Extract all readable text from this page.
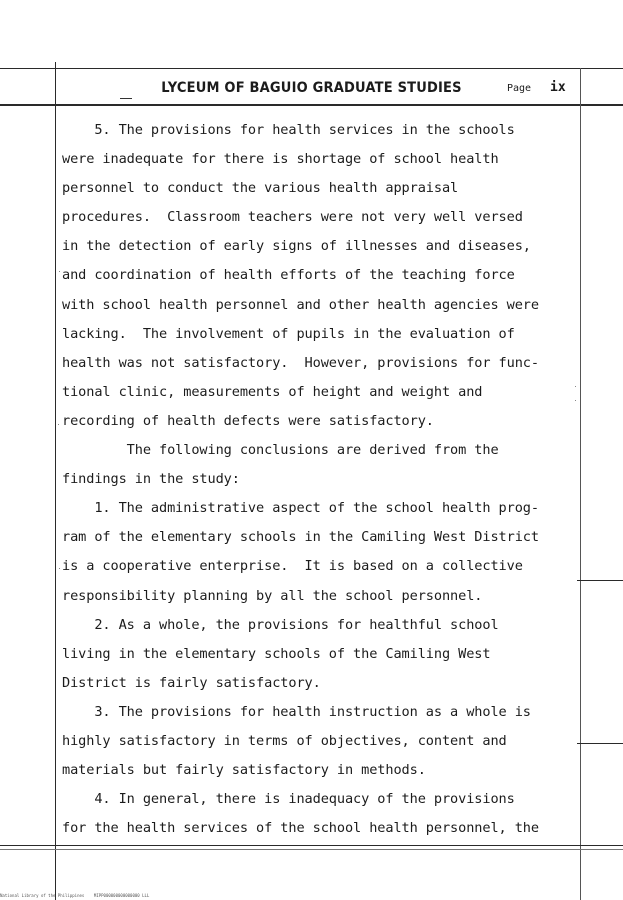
LYCEUM OF BAGUIO GRADUATE STUDIES	Page ix
5. The provisions for health services in the schools
were inadequate for there is shortage of school health
personnel to conduct the various health appraisal
procedures.  Classroom teachers were not very well versed
in the detection of early signs of illnesses and diseases,
and coordination of health efforts of the teaching force
with school health personnel and other health agencies were
lacking.  The involvement of pupils in the evaluation of
health was not satisfactory.  However, provisions for func-
tional clinic, measurements of height and weight and
recording of health defects were satisfactory.
The following conclusions are derived from the
findings in the study:
1. The administrative aspect of the school health prog-
ram of the elementary schools in the Camiling West District
is a cooperative enterprise.  It is based on a collective
responsibility planning by all the school personnel.
2. As a whole, the provisions for healthful school
living in the elementary schools of the Camiling West
District is fairly satisfactory.
3. The provisions for health instruction as a whole is
highly satisfactory in terms of objectives, content and
materials but fairly satisfactory in methods.
4. In general, there is inadequacy of the provisions
for the health services of the school health personnel, the
National Library of the Philippines    MIPP000000000000000 LLL
